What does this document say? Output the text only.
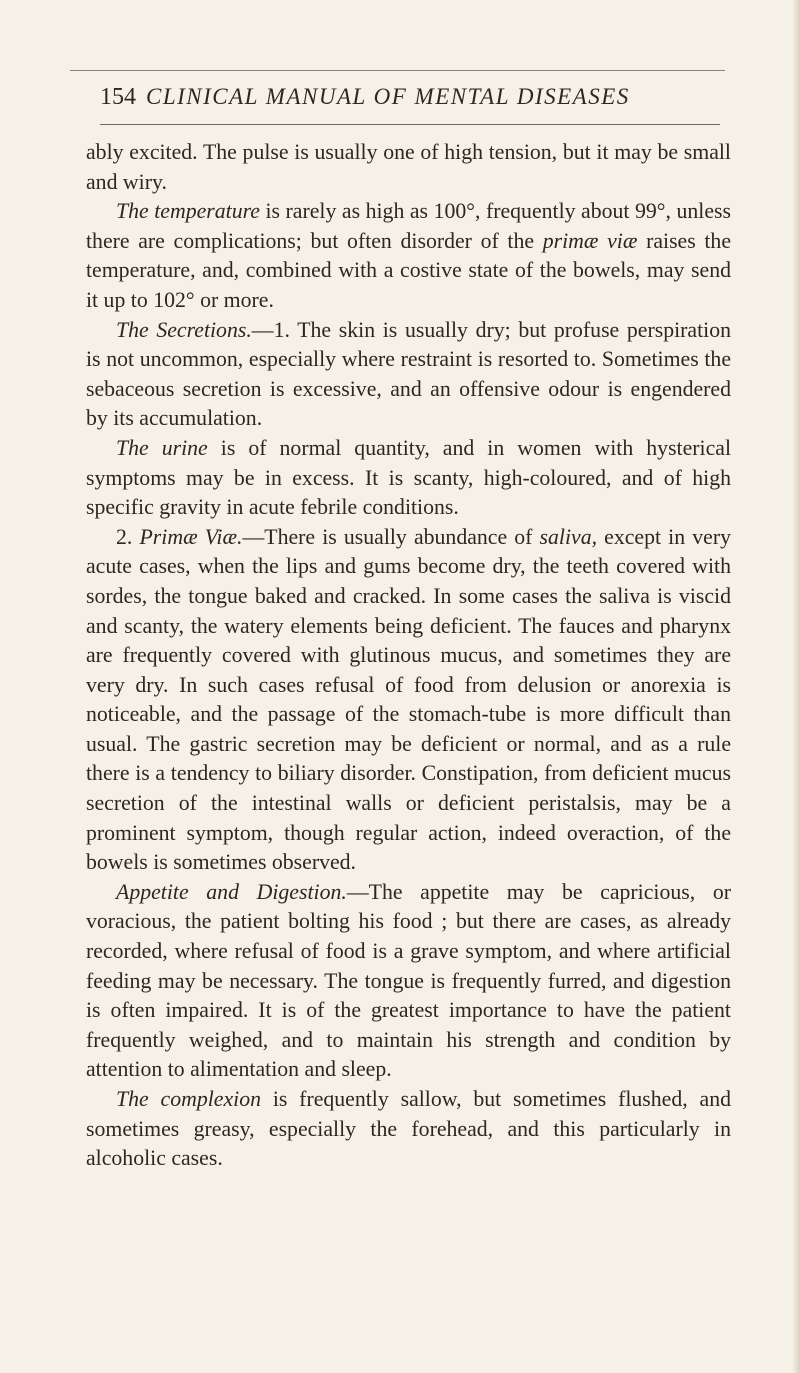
154 CLINICAL MANUAL OF MENTAL DISEASES

ably excited. The pulse is usually one of high tension, but it may be small and wiry.

The temperature is rarely as high as 100°, frequently about 99°, unless there are complications; but often disorder of the primæ viæ raises the temperature, and, combined with a costive state of the bowels, may send it up to 102° or more.

The Secretions.—1. The skin is usually dry; but profuse perspiration is not uncommon, especially where restraint is resorted to. Sometimes the sebaceous secretion is excessive, and an offensive odour is engendered by its accumulation.

The urine is of normal quantity, and in women with hysterical symptoms may be in excess. It is scanty, high-coloured, and of high specific gravity in acute febrile conditions.

2. Primæ Viæ.—There is usually abundance of saliva, except in very acute cases, when the lips and gums become dry, the teeth covered with sordes, the tongue baked and cracked. In some cases the saliva is viscid and scanty, the watery elements being deficient. The fauces and pharynx are frequently covered with glutinous mucus, and sometimes they are very dry. In such cases refusal of food from delusion or anorexia is noticeable, and the passage of the stomach-tube is more difficult than usual. The gastric secretion may be deficient or normal, and as a rule there is a tendency to biliary disorder. Constipation, from deficient mucus secretion of the intestinal walls or deficient peristalsis, may be a prominent symptom, though regular action, indeed overaction, of the bowels is sometimes observed.

Appetite and Digestion.—The appetite may be capricious, or voracious, the patient bolting his food ; but there are cases, as already recorded, where refusal of food is a grave symptom, and where artificial feeding may be necessary. The tongue is frequently furred, and digestion is often impaired. It is of the greatest importance to have the patient frequently weighed, and to maintain his strength and condition by attention to alimentation and sleep.

The complexion is frequently sallow, but sometimes flushed, and sometimes greasy, especially the forehead, and this particularly in alcoholic cases.
